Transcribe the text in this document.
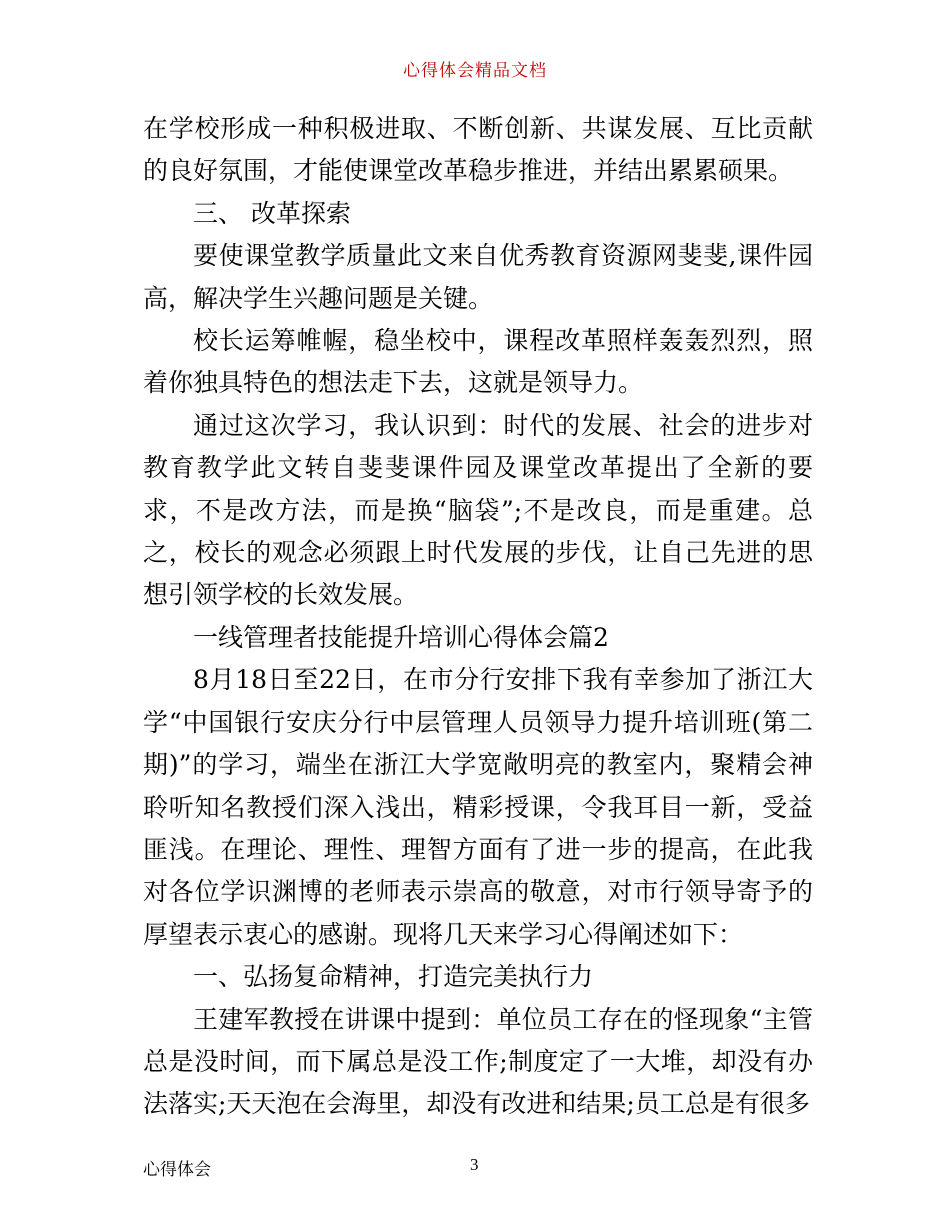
心得体会精品文档

在学校形成一种积极进取、不断创新、共谋发展、互比贡献的良好氛围，才能使课堂改革稳步推进，并结出累累硕果。

三、 改革探索

要使课堂教学质量此文来自优秀教育资源网斐斐,课件园高，解决学生兴趣问题是关键。

校长运筹帷幄，稳坐校中，课程改革照样轰轰烈烈，照着你独具特色的想法走下去，这就是领导力。

通过这次学习，我认识到：时代的发展、社会的进步对教育教学此文转自斐斐课件园及课堂改革提出了全新的要求，不是改方法，而是换“脑袋”;不是改良，而是重建。总之，校长的观念必须跟上时代发展的步伐，让自己先进的思想引领学校的长效发展。

一线管理者技能提升培训心得体会篇2

8月18日至22日，在市分行安排下我有幸参加了浙江大学“中国银行安庆分行中层管理人员领导力提升培训班(第二期)”的学习，端坐在浙江大学宽敞明亮的教室内，聚精会神聆听知名教授们深入浅出，精彩授课，令我耳目一新，受益匪浅。在理论、理性、理智方面有了进一步的提高，在此我对各位学识渊博的老师表示崇高的敬意，对市行领导寄予的厚望表示衷心的感谢。现将几天来学习心得阐述如下：

一、弘扬复命精神，打造完美执行力

王建军教授在讲课中提到：单位员工存在的怪现象“主管总是没时间，而下属总是没工作;制度定了一大堆，却没有办法落实;天天泡在会海里，却没有改进和结果;员工总是有很多

心得体会	3
